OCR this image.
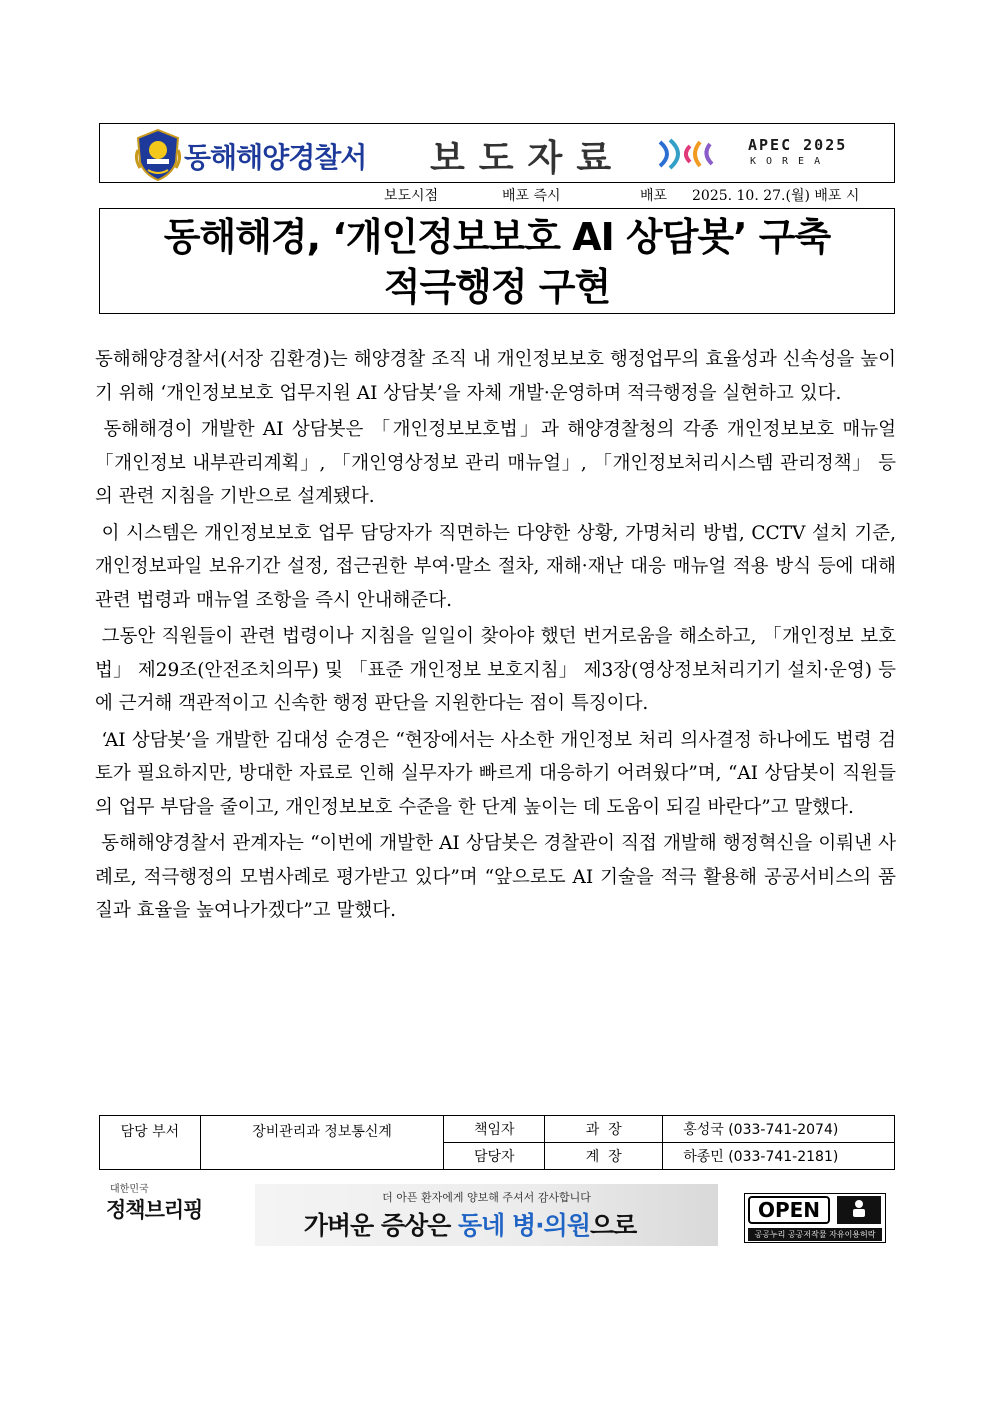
동해해양경찰서 보도자료	APEC 2025
KOREA
보도시점	배포 즉시	배포 2025. 10. 27.(월) 배포 시
동해해경, ‘개인정보보호 AI 상담봇’ 구축
적극행정 구현

동해해양경찰서(서장 김환경)는 해양경찰 조직 내 개인정보보호 행정업무의 효율성과 신속성을 높이기 위해 ‘개인정보보호 업무지원 AI 상담봇’을 자체 개발·운영하며 적극행정을 실현하고 있다.

동해해경이 개발한 AI 상담봇은 「개인정보보호법」과 해양경찰청의 각종 개인정보보호 매뉴얼 「개인정보 내부관리계획」, 「개인영상정보 관리 매뉴얼」, 「개인정보처리시스템 관리정책」 등의 관련 지침을 기반으로 설계됐다.

이 시스템은 개인정보보호 업무 담당자가 직면하는 다양한 상황, 가명처리 방법, CCTV 설치 기준, 개인정보파일 보유기간 설정, 접근권한 부여·말소 절차, 재해·재난 대응 매뉴얼 적용 방식 등에 대해 관련 법령과 매뉴얼 조항을 즉시 안내해준다.

그동안 직원들이 관련 법령이나 지침을 일일이 찾아야 했던 번거로움을 해소하고, 「개인정보 보호법」 제29조(안전조치의무) 및 「표준 개인정보 보호지침」 제3장(영상정보처리기기 설치·운영) 등에 근거해 객관적이고 신속한 행정 판단을 지원한다는 점이 특징이다.

‘AI 상담봇’을 개발한 김대성 순경은 “현장에서는 사소한 개인정보 처리 의사결정 하나에도 법령 검토가 필요하지만, 방대한 자료로 인해 실무자가 빠르게 대응하기 어려웠다”며, “AI 상담봇이 직원들의 업무 부담을 줄이고, 개인정보보호 수준을 한 단계 높이는 데 도움이 되길 바란다”고 말했다.

동해해양경찰서 관계자는 “이번에 개발한 AI 상담봇은 경찰관이 직접 개발해 행정혁신을 이뤄낸 사례로, 적극행정의 모범사례로 평가받고 있다”며 “앞으로도 AI 기술을 적극 활용해 공공서비스의 품질과 효율을 높여나가겠다”고 말했다.

담당 부서	장비관리과 정보통신계	책임자	과  장	홍성국 (033-741-2074)
		담당자	계  장	하종민 (033-741-2181)
대한민국
정책브리핑
더 아픈 환자에게 양보해 주셔서 감사합니다
가벼운 증상은 동네 병·의원으로
OPEN
공공누리 공공저작물 자유이용허락
